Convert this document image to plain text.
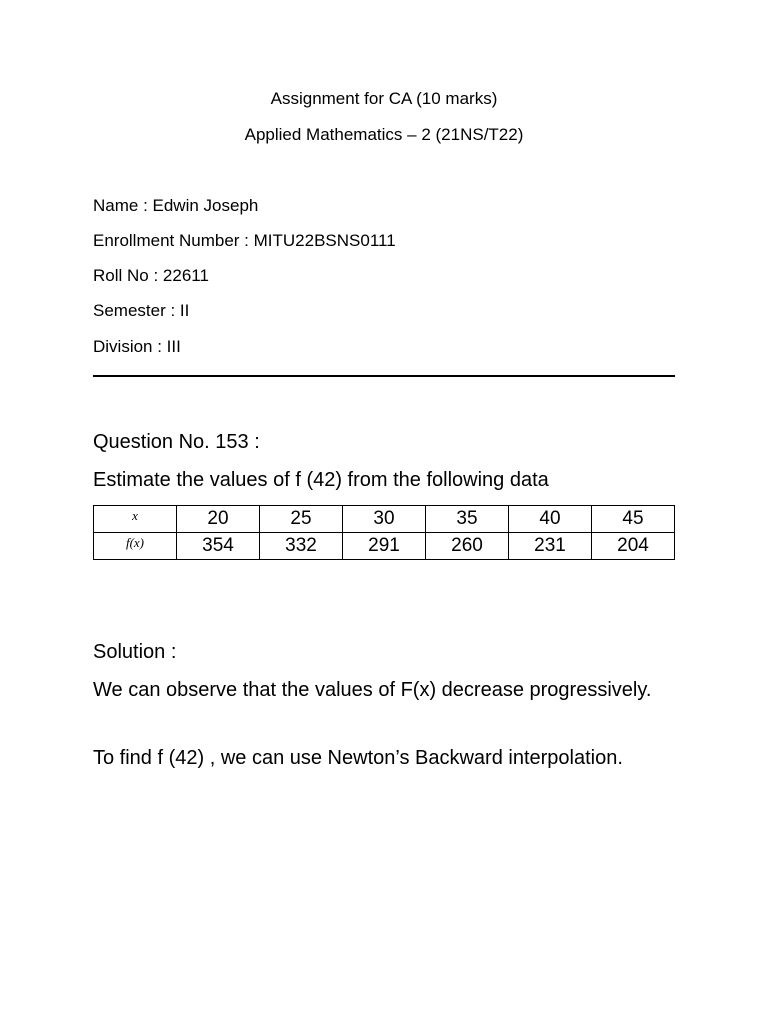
Assignment for CA (10 marks)
Applied Mathematics – 2 (21NS/T22)
Name : Edwin Joseph
Enrollment Number : MITU22BSNS0111
Roll No : 22611
Semester : II
Division : III
Question No. 153 :
Estimate the values of f (42) from the following data
x	20	25	30	35	40	45
f(x)	354	332	291	260	231	204
Solution :
We can observe that the values of F(x) decrease progressively.
To find f (42) , we can use Newton’s Backward interpolation.
